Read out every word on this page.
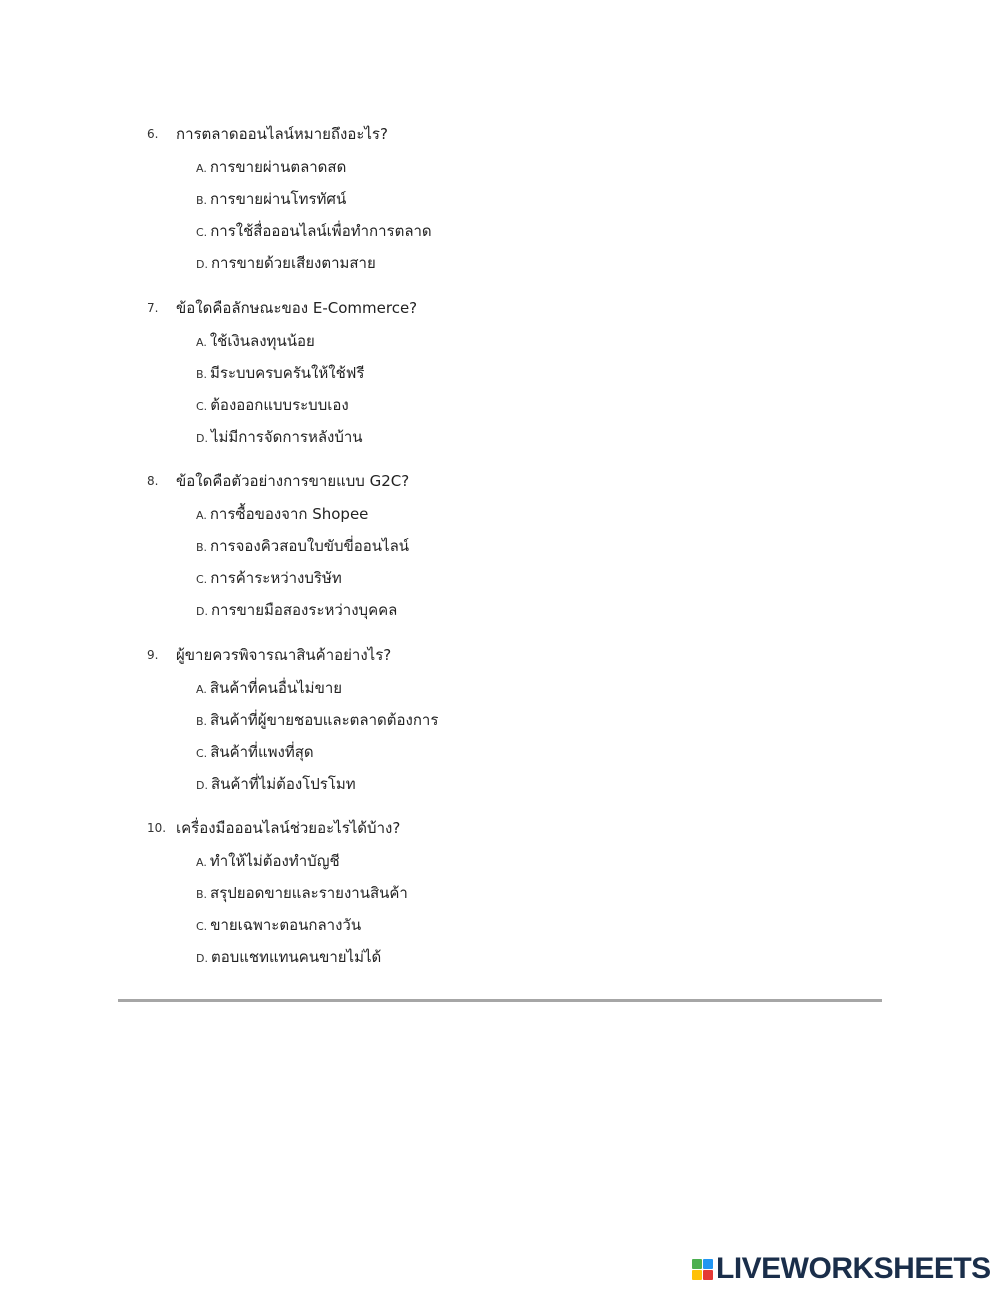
6. การตลาดออนไลน์หมายถึงอะไร?
A. การขายผ่านตลาดสด
B. การขายผ่านโทรทัศน์
C. การใช้สื่อออนไลน์เพื่อทำการตลาด
D. การขายด้วยเสียงตามสาย
7. ข้อใดคือลักษณะของ E-Commerce?
A. ใช้เงินลงทุนน้อย
B. มีระบบครบครันให้ใช้ฟรี
C. ต้องออกแบบระบบเอง
D. ไม่มีการจัดการหลังบ้าน
8. ข้อใดคือตัวอย่างการขายแบบ G2C?
A. การซื้อของจาก Shopee
B. การจองคิวสอบใบขับขี่ออนไลน์
C. การค้าระหว่างบริษัท
D. การขายมือสองระหว่างบุคคล
9. ผู้ขายควรพิจารณาสินค้าอย่างไร?
A. สินค้าที่คนอื่นไม่ขาย
B. สินค้าที่ผู้ขายชอบและตลาดต้องการ
C. สินค้าที่แพงที่สุด
D. สินค้าที่ไม่ต้องโปรโมท
10. เครื่องมือออนไลน์ช่วยอะไรได้บ้าง?
A. ทำให้ไม่ต้องทำบัญชี
B. สรุปยอดขายและรายงานสินค้า
C. ขายเฉพาะตอนกลางวัน
D. ตอบแชทแทนคนขายไม่ได้
LIVEWORKSHEETS
